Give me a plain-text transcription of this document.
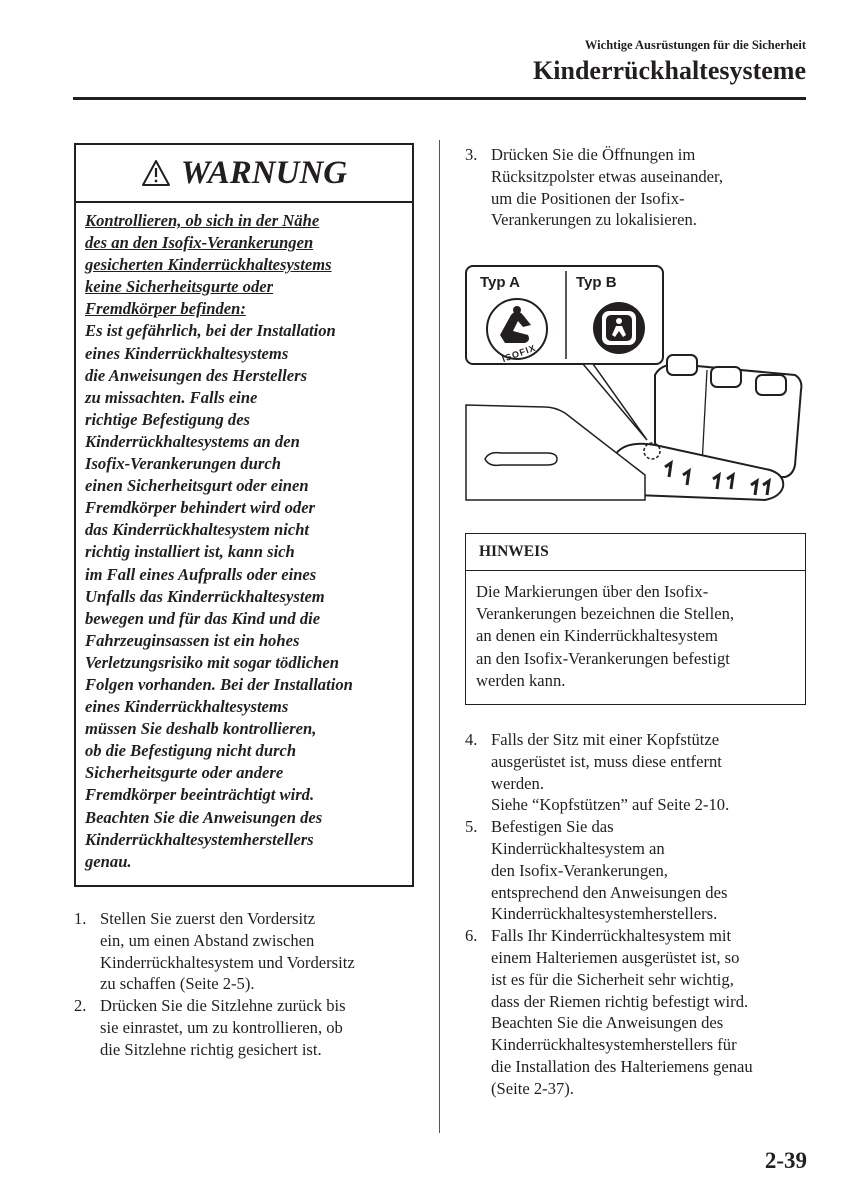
Wichtige Ausrüstungen für die Sicherheit
Kinderrückhaltesysteme
WARNUNG
Kontrollieren, ob sich in der Nähe
des an den Isofix-Verankerungen
gesicherten Kinderrückhaltesystems
keine Sicherheitsgurte oder
Fremdkörper befinden:
Es ist gefährlich, bei der Installation
eines Kinderrückhaltesystems
die Anweisungen des Herstellers
zu missachten. Falls eine
richtige Befestigung des
Kinderrückhaltesystems an den
Isofix-Verankerungen durch
einen Sicherheitsgurt oder einen
Fremdkörper behindert wird oder
das Kinderrückhaltesystem nicht
richtig installiert ist, kann sich
im Fall eines Aufpralls oder eines
Unfalls das Kinderrückhaltesystem
bewegen und für das Kind und die
Fahrzeuginsassen ist ein hohes
Verletzungsrisiko mit sogar tödlichen
Folgen vorhanden. Bei der Installation
eines Kinderrückhaltesystems
müssen Sie deshalb kontrollieren,
ob die Befestigung nicht durch
Sicherheitsgurte oder andere
Fremdkörper beeinträchtigt wird.
Beachten Sie die Anweisungen des
Kinderrückhaltesystemherstellers
genau.
1. Stellen Sie zuerst den Vordersitz
ein, um einen Abstand zwischen
Kinderrückhaltesystem und Vordersitz
zu schaffen (Seite 2-5).
2. Drücken Sie die Sitzlehne zurück bis
sie einrastet, um zu kontrollieren, ob
die Sitzlehne richtig gesichert ist.
3. Drücken Sie die Öffnungen im
Rücksitzpolster etwas auseinander,
um die Positionen der Isofix-
Verankerungen zu lokalisieren.
Typ A	Typ B
ISOFIX
HINWEIS
Die Markierungen über den Isofix-
Verankerungen bezeichnen die Stellen,
an denen ein Kinderrückhaltesystem
an den Isofix-Verankerungen befestigt
werden kann.
4. Falls der Sitz mit einer Kopfstütze
ausgerüstet ist, muss diese entfernt
werden.
Siehe “Kopfstützen” auf Seite 2-10.
5. Befestigen Sie das
Kinderrückhaltesystem an
den Isofix-Verankerungen,
entsprechend den Anweisungen des
Kinderrückhaltesystemherstellers.
6. Falls Ihr Kinderrückhaltesystem mit
einem Halteriemen ausgerüstet ist, so
ist es für die Sicherheit sehr wichtig,
dass der Riemen richtig befestigt wird.
Beachten Sie die Anweisungen des
Kinderrückhaltesystemherstellers für
die Installation des Halteriemens genau
(Seite 2-37).
2-39
